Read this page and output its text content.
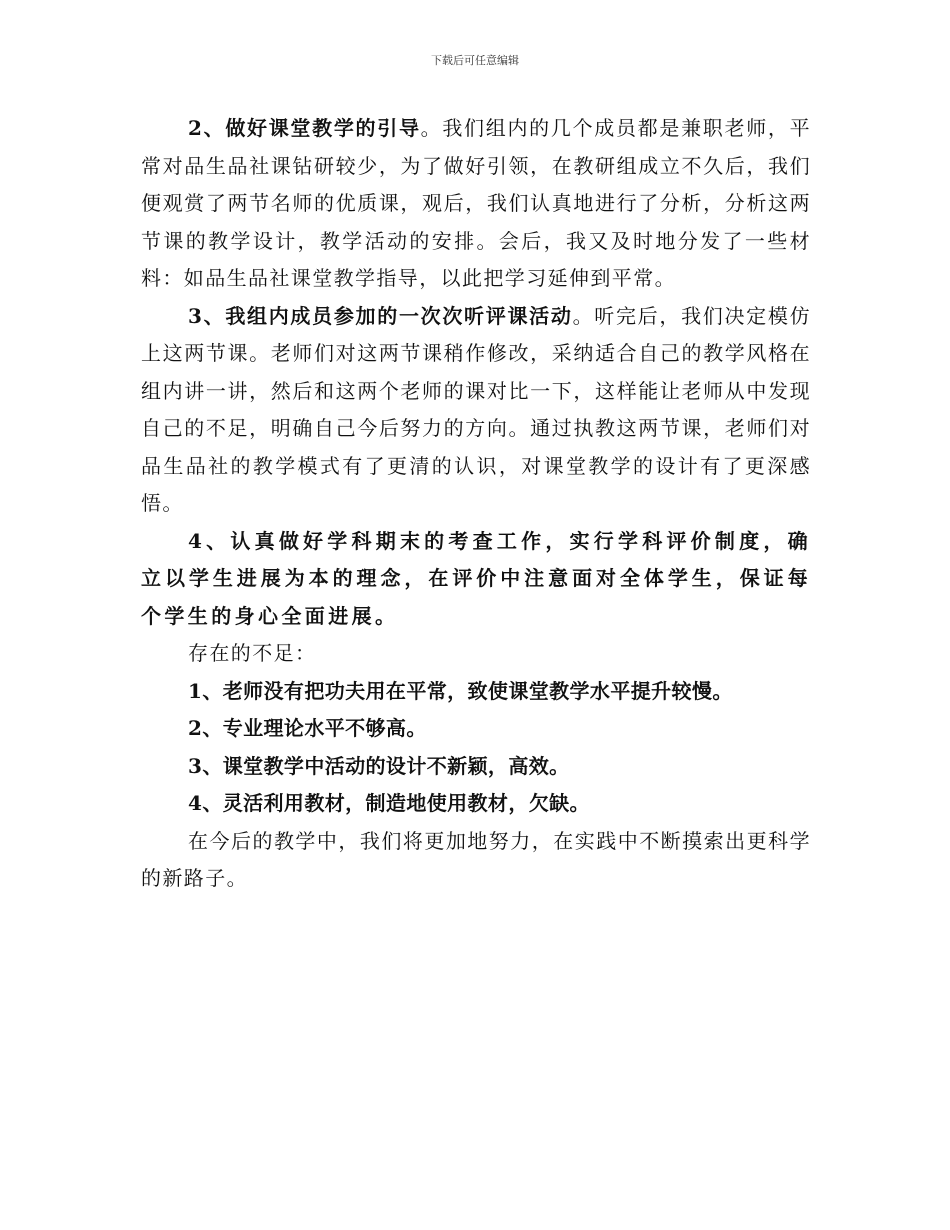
下载后可任意编辑

2、做好课堂教学的引导。我们组内的几个成员都是兼职老师，平常对品生品社课钻研较少，为了做好引领，在教研组成立不久后，我们便观赏了两节名师的优质课，观后，我们认真地进行了分析，分析这两节课的教学设计，教学活动的安排。会后，我又及时地分发了一些材料：如品生品社课堂教学指导，以此把学习延伸到平常。

3、我组内成员参加的一次次听评课活动。听完后，我们决定模仿上这两节课。老师们对这两节课稍作修改，采纳适合自己的教学风格在组内讲一讲，然后和这两个老师的课对比一下，这样能让老师从中发现自己的不足，明确自己今后努力的方向。通过执教这两节课，老师们对品生品社的教学模式有了更清的认识，对课堂教学的设计有了更深感悟。

4、认真做好学科期末的考查工作，实行学科评价制度，确立以学生进展为本的理念，在评价中注意面对全体学生，保证每个学生的身心全面进展。

存在的不足：

1、老师没有把功夫用在平常，致使课堂教学水平提升较慢。

2、专业理论水平不够高。

3、课堂教学中活动的设计不新颖，高效。

4、灵活利用教材，制造地使用教材，欠缺。

在今后的教学中，我们将更加地努力，在实践中不断摸索出更科学的新路子。
